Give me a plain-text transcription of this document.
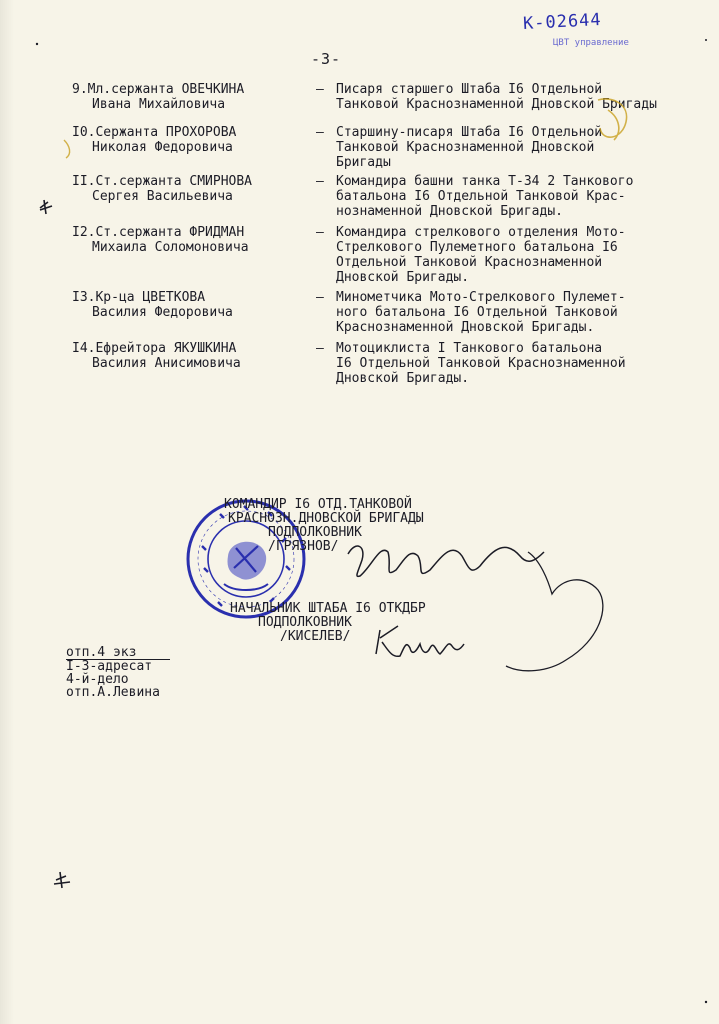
К-02644
ЦВТ управление
-3-
9.Мл.сержанта ОВЕЧКИНА
Ивана Михайловича
– Писаря старшего Штаба I6 Отдельной
Танковой Краснознаменной Дновской Бригады
I0.Сержанта ПРОХОРОВА
Николая Федоровича
– Старшину-писаря Штаба I6 Отдельной
Танковой Краснознаменной Дновской
Бригады
II.Ст.сержанта СМИРНОВА
Сергея Васильевича
– Командира башни танка Т-34 2 Танкового
батальона I6 Отдельной Танковой Крас-
нознаменной Дновской Бригады.
I2.Ст.сержанта ФРИДМАН
Михаила Соломоновича
– Командира стрелкового отделения Мото-
Стрелкового Пулеметного батальона I6
Отдельной Танковой Краснознаменной
Дновской Бригады.
I3.Кр-ца ЦВЕТКОВА
Василия Федоровича
– Минометчика Мото-Стрелкового Пулемет-
ного батальона I6 Отдельной Танковой
Краснознаменной Дновской Бригады.
I4.Ефрейтора ЯКУШКИНА
Василия Анисимовича
– Мотоциклиста I Танкового батальона
I6 Отдельной Танковой Краснознаменной
Дновской Бригады.
КОМАНДИР I6 ОТД.ТАНКОВОЙ
КРАСНОЗН.ДНОВСКОЙ БРИГАДЫ
ПОДПОЛКОВНИК
/ГРЯЗНОВ/
НАЧАЛЬНИК ШТАБА I6 ОТКДБР
ПОДПОЛКОВНИК
/КИСЕЛЕВ/
отп.4 экз
I-3-адресат
4-й-дело
отп.А.Левина
